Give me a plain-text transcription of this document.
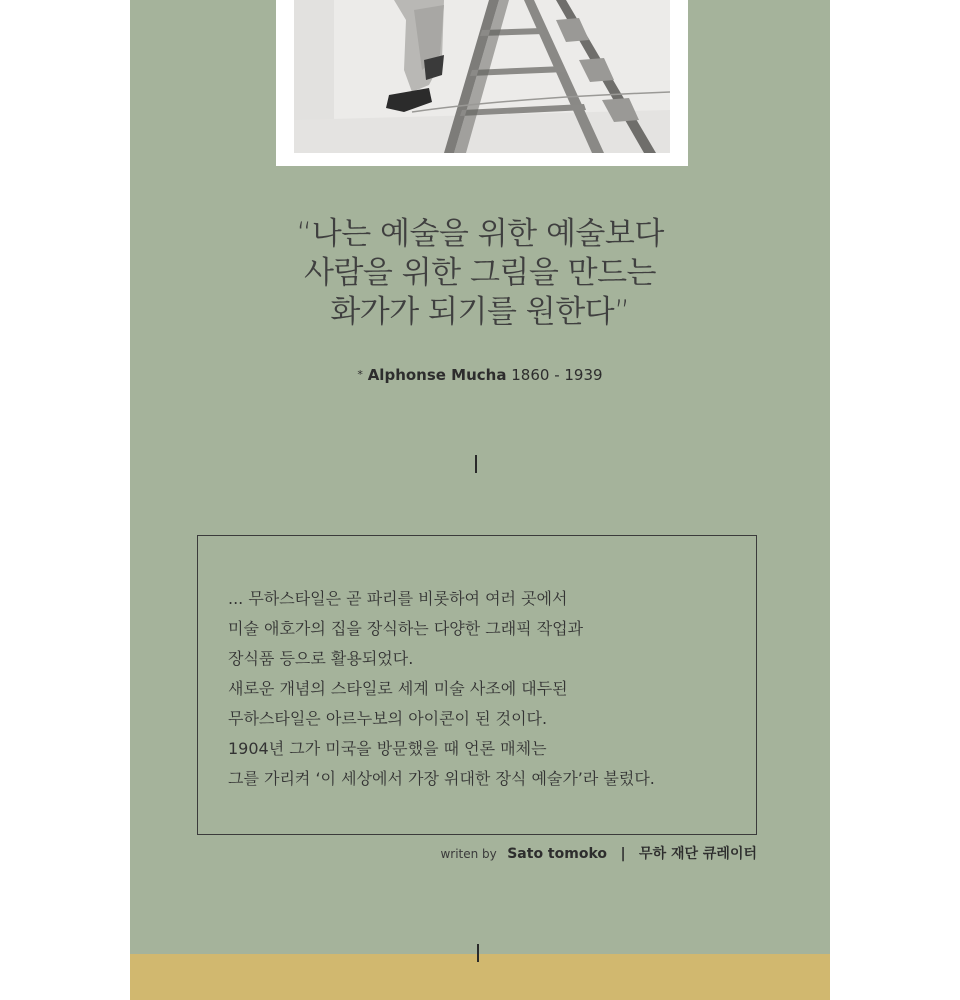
“나는 예술을 위한 예술보다
사람을 위한 그림을 만드는
화가가 되기를 원한다”
* Alphonse Mucha 1860 - 1939
... 무하스타일은 곧 파리를 비롯하여 여러 곳에서
미술 애호가의 집을 장식하는 다양한 그래픽 작업과
장식품 등으로 활용되었다.
새로운 개념의 스타일로 세계 미술 사조에 대두된
무하스타일은 아르누보의 아이콘이 된 것이다.
1904년 그가 미국을 방문했을 때 언론 매체는
그를 가리켜 ‘이 세상에서 가장 위대한 장식 예술가’라 불렀다.
writen by Sato tomoko | 무하 재단 큐레이터
